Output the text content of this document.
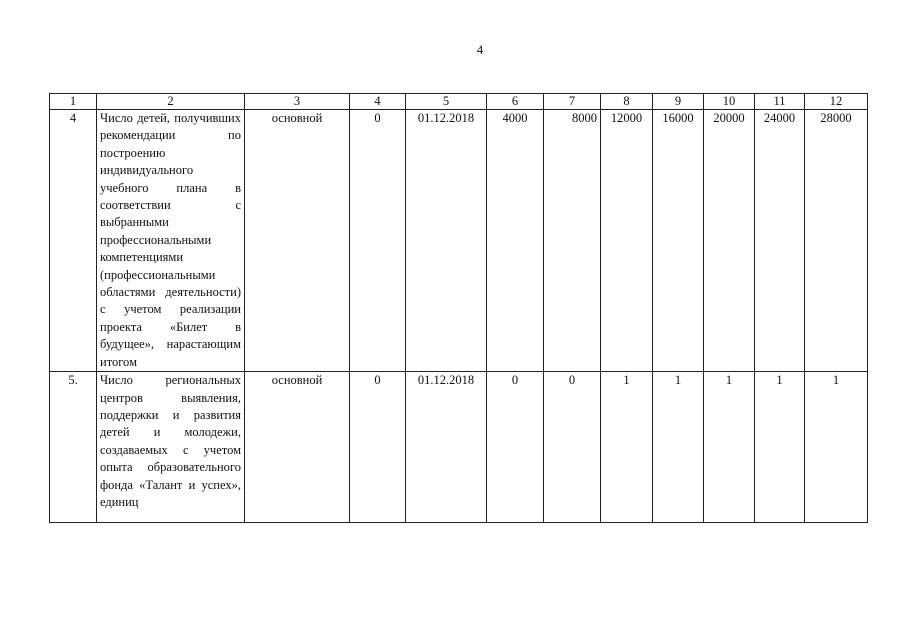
4
1	2	3	4	5	6	7	8	9	10	11	12
4	Число детей, получивших рекомендации по построению индивидуального учебного плана в соответствии с выбранными профессиональными компетенциями (профессиональными областями деятельности) с учетом реализации проекта «Билет в будущее», нарастающим итогом	основной	0	01.12.2018	4000	8000	12000	16000	20000	24000	28000
5.	Число региональных центров выявления, поддержки и развития детей и молодежи, создаваемых с учетом опыта образовательного фонда «Талант и успех», единиц	основной	0	01.12.2018	0	0	1	1	1	1	1
